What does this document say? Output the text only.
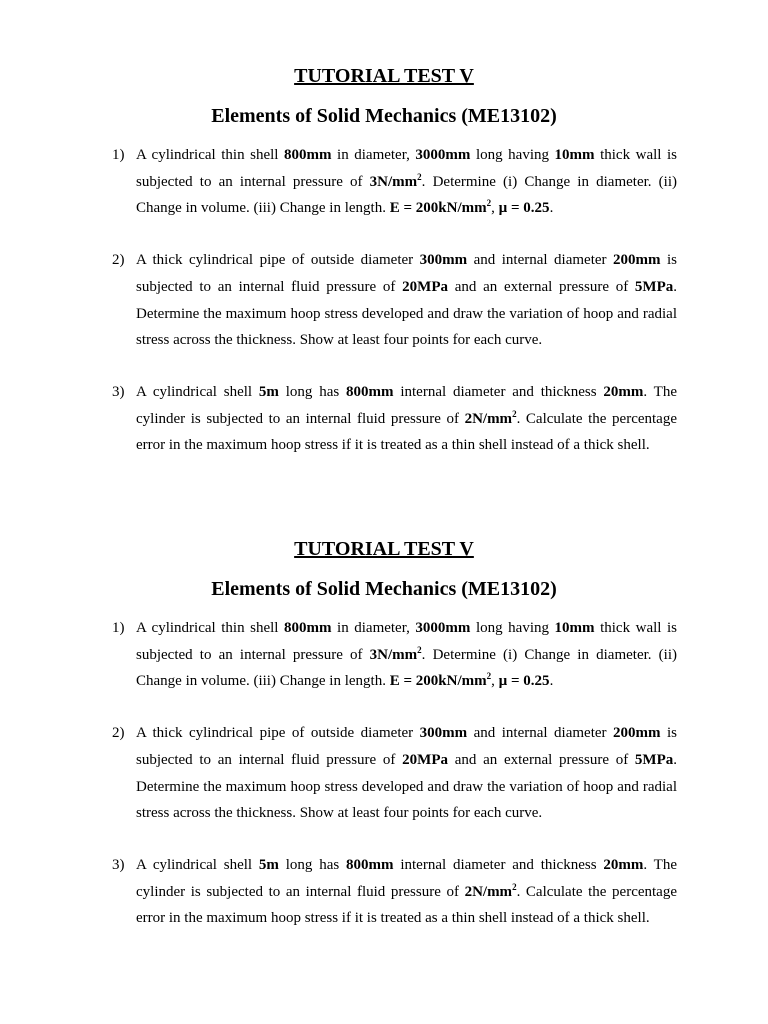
TUTORIAL TEST V
Elements of Solid Mechanics (ME13102)
1) A cylindrical thin shell 800mm in diameter, 3000mm long having 10mm thick wall is subjected to an internal pressure of $3N/mm^2$. Determine (i) Change in diameter. (ii) Change in volume. (iii) Change in length. $E = 200kN/mm^2$, µ = 0.25.
2) A thick cylindrical pipe of outside diameter 300mm and internal diameter 200mm is subjected to an internal fluid pressure of 20MPa and an external pressure of 5MPa. Determine the maximum hoop stress developed and draw the variation of hoop and radial stress across the thickness. Show at least four points for each curve.
3) A cylindrical shell 5m long has 800mm internal diameter and thickness 20mm. The cylinder is subjected to an internal fluid pressure of $2N/mm^2$. Calculate the percentage error in the maximum hoop stress if it is treated as a thin shell instead of a thick shell.
TUTORIAL TEST V
Elements of Solid Mechanics (ME13102)
1) A cylindrical thin shell 800mm in diameter, 3000mm long having 10mm thick wall is subjected to an internal pressure of $3N/mm^2$. Determine (i) Change in diameter. (ii) Change in volume. (iii) Change in length. $E = 200kN/mm^2$, µ = 0.25.
2) A thick cylindrical pipe of outside diameter 300mm and internal diameter 200mm is subjected to an internal fluid pressure of 20MPa and an external pressure of 5MPa. Determine the maximum hoop stress developed and draw the variation of hoop and radial stress across the thickness. Show at least four points for each curve.
3) A cylindrical shell 5m long has 800mm internal diameter and thickness 20mm. The cylinder is subjected to an internal fluid pressure of $2N/mm^2$. Calculate the percentage error in the maximum hoop stress if it is treated as a thin shell instead of a thick shell.
